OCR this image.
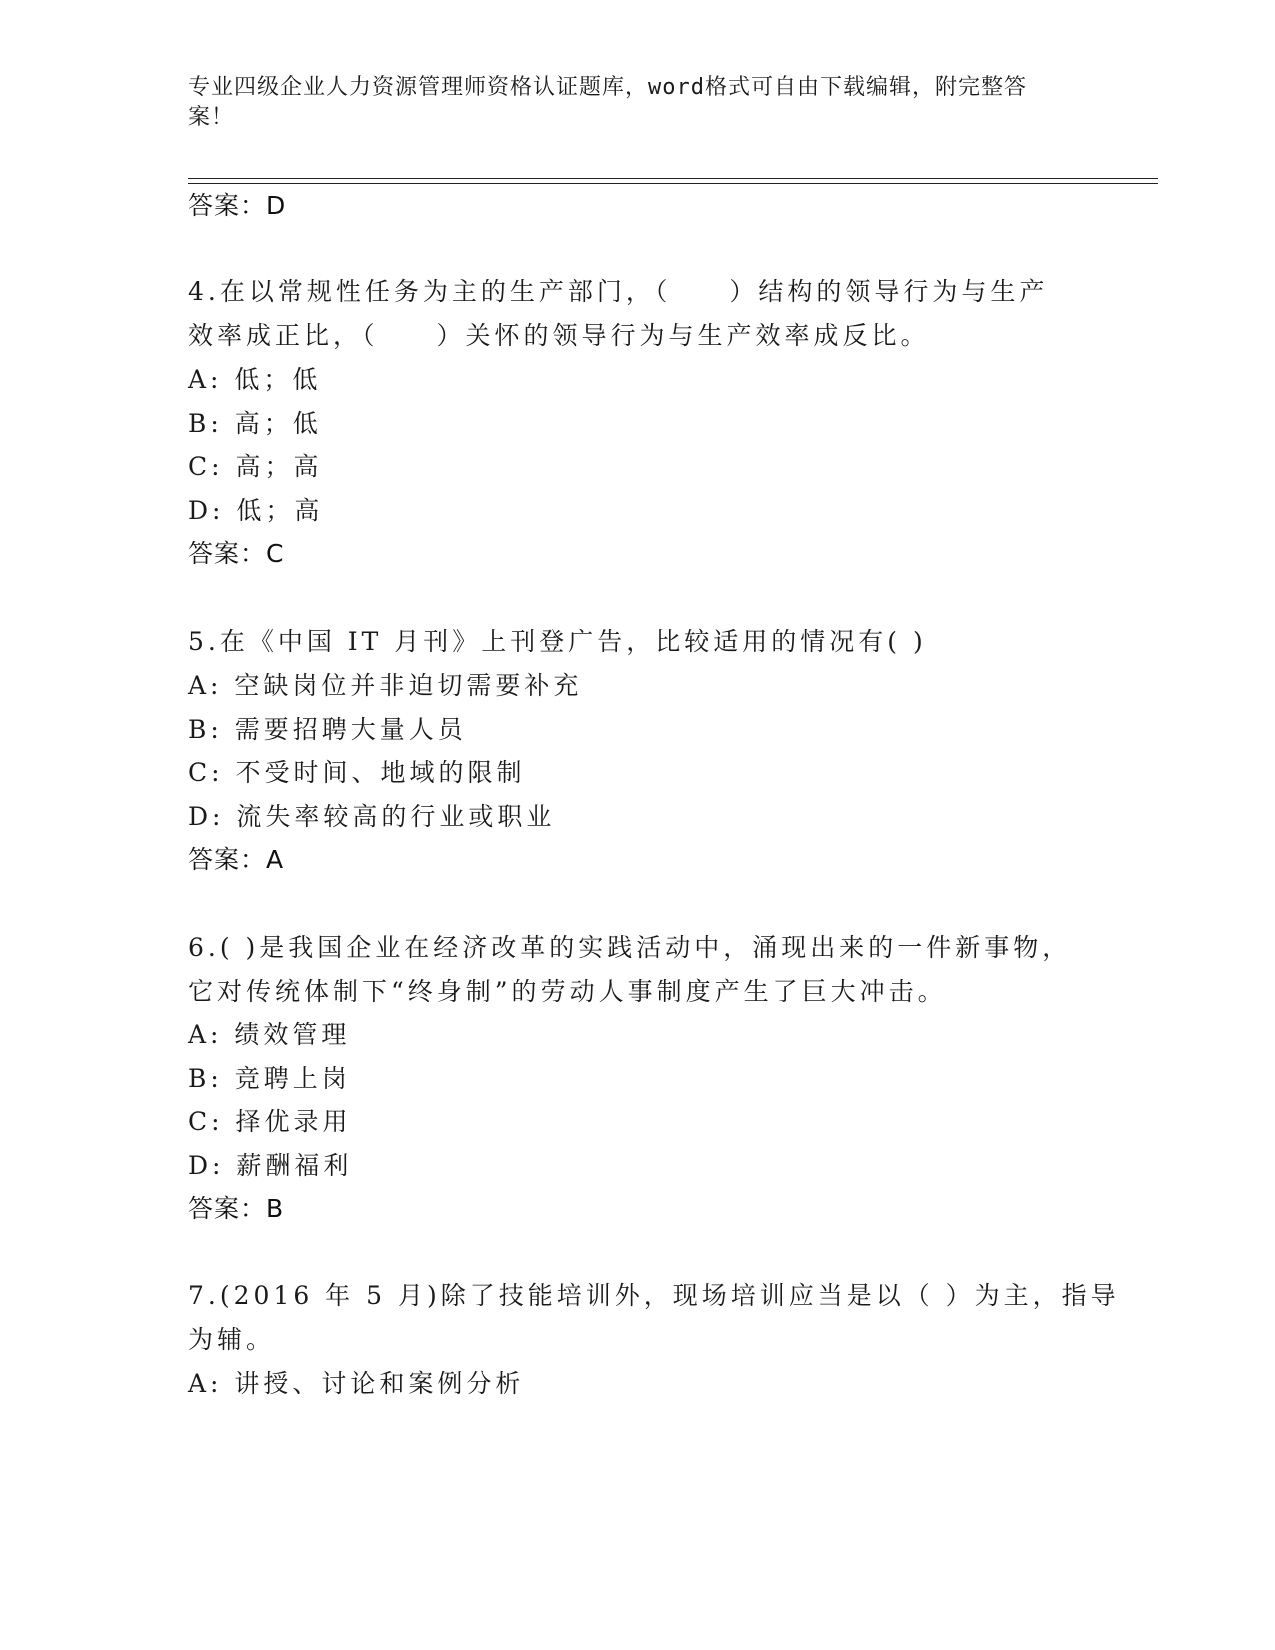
专业四级企业人力资源管理师资格认证题库，word格式可自由下载编辑，附完整答案！
答案：D
4.在以常规性任务为主的生产部门，（　　）结构的领导行为与生产
效率成正比，（　　）关怀的领导行为与生产效率成反比。
A: 低；低
B: 高；低
C: 高；高
D: 低；高
答案：C
5.在《中国 IT 月刊》上刊登广告，比较适用的情况有( )
A: 空缺岗位并非迫切需要补充
B: 需要招聘大量人员
C: 不受时间、地域的限制
D: 流失率较高的行业或职业
答案：A
6.( )是我国企业在经济改革的实践活动中，涌现出来的一件新事物，
它对传统体制下“终身制”的劳动人事制度产生了巨大冲击。
A: 绩效管理
B: 竞聘上岗
C: 择优录用
D: 薪酬福利
答案：B
7.(2016 年 5 月)除了技能培训外，现场培训应当是以（ ）为主，指导
为辅。
A: 讲授、讨论和案例分析
